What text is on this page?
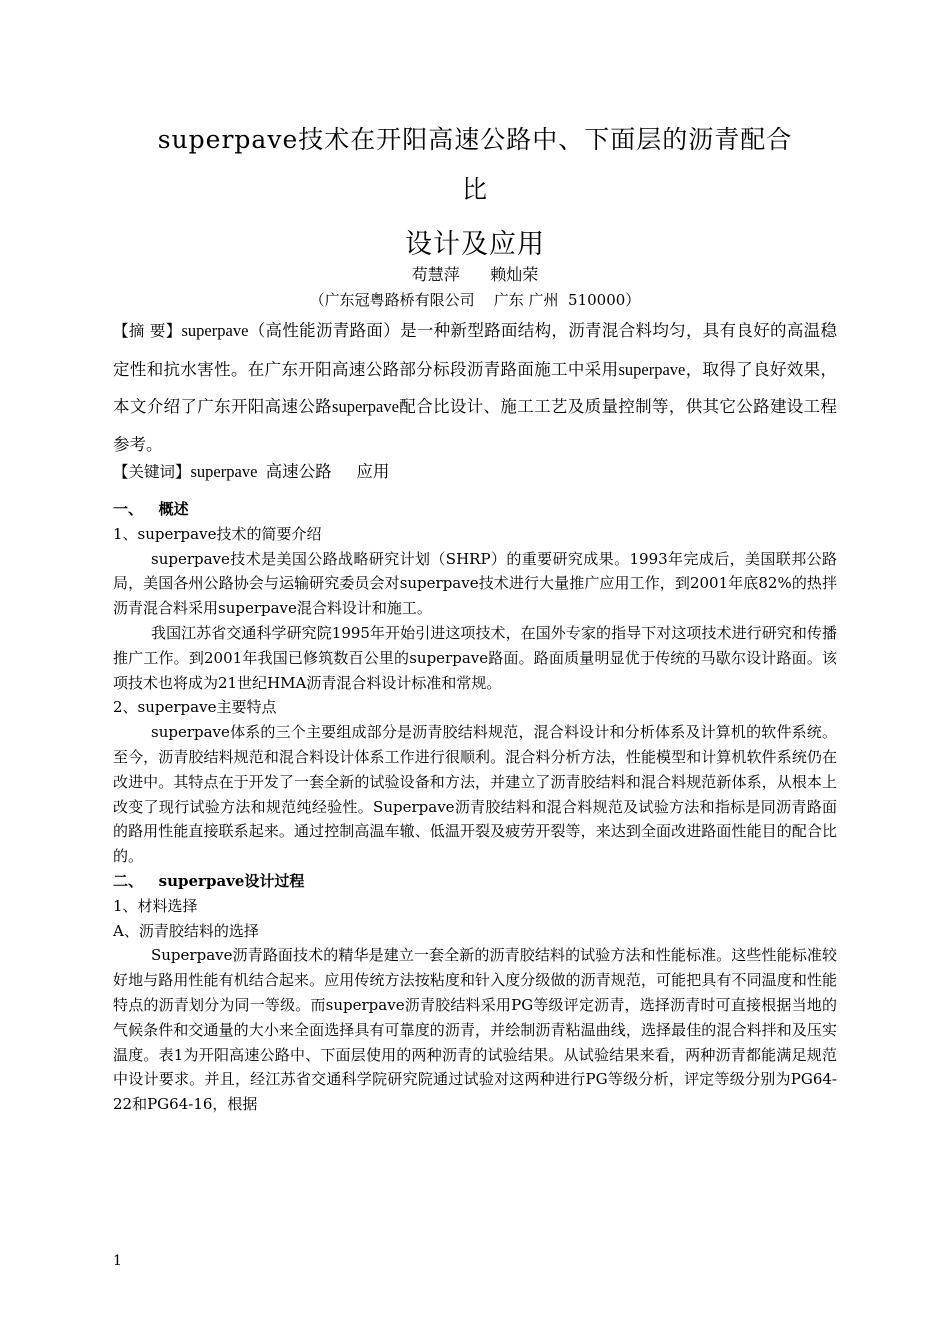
superpave技术在开阳高速公路中、下面层的沥青配合
比
设计及应用
苟慧萍      赖灿荣
（广东冠粤路桥有限公司    广东 广州  510000）
【摘 要】superpave（高性能沥青路面）是一种新型路面结构，沥青混合料均匀，具有良好的高温稳定性和抗水害性。在广东开阳高速公路部分标段沥青路面施工中采用superpave，取得了良好效果，本文介绍了广东开阳高速公路superpave配合比设计、施工工艺及质量控制等，供其它公路建设工程参考。
【关键词】superpave  高速公路      应用

一、   概述

1、superpave技术的简要介绍

superpave技术是美国公路战略研究计划（SHRP）的重要研究成果。1993年完成后，美国联邦公路局，美国各州公路协会与运输研究委员会对superpave技术进行大量推广应用工作，到2001年底82%的热拌沥青混合料采用superpave混合料设计和施工。

我国江苏省交通科学研究院1995年开始引进这项技术，在国外专家的指导下对这项技术进行研究和传播推广工作。到2001年我国已修筑数百公里的superpave路面。路面质量明显优于传统的马歇尔设计路面。该项技术也将成为21世纪HMA沥青混合料设计标准和常规。

2、superpave主要特点

superpave体系的三个主要组成部分是沥青胶结料规范，混合料设计和分析体系及计算机的软件系统。至今，沥青胶结料规范和混合料设计体系工作进行很顺利。混合料分析方法，性能模型和计算机软件系统仍在改进中。其特点在于开发了一套全新的试验设备和方法，并建立了沥青胶结料和混合料规范新体系，从根本上改变了现行试验方法和规范纯经验性。Superpave沥青胶结料和混合料规范及试验方法和指标是同沥青路面的路用性能直接联系起来。通过控制高温车辙、低温开裂及疲劳开裂等，来达到全面改进路面性能目的配合比的。

二、   superpave设计过程

1、材料选择

A、沥青胶结料的选择

Superpave沥青路面技术的精华是建立一套全新的沥青胶结料的试验方法和性能标准。这些性能标准较好地与路用性能有机结合起来。应用传统方法按粘度和针入度分级做的沥青规范，可能把具有不同温度和性能特点的沥青划分为同一等级。而superpave沥青胶结料采用PG等级评定沥青，选择沥青时可直接根据当地的气候条件和交通量的大小来全面选择具有可靠度的沥青，并绘制沥青粘温曲线，选择最佳的混合料拌和及压实温度。表1为开阳高速公路中、下面层使用的两种沥青的试验结果。从试验结果来看，两种沥青都能满足规范中设计要求。并且，经江苏省交通科学院研究院通过试验对这两种进行PG等级分析，评定等级分别为PG64-22和PG64-16，根据

1
